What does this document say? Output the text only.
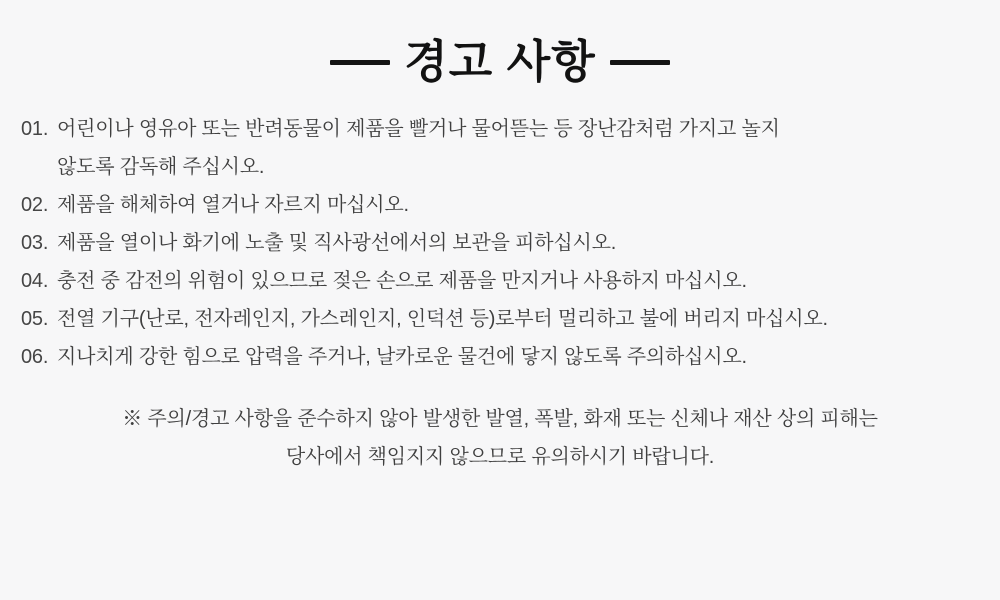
경고 사항
01. 어린이나 영유아 또는 반려동물이 제품을 빨거나 물어뜯는 등 장난감처럼 가지고 놀지
않도록 감독해 주십시오.
02. 제품을 해체하여 열거나 자르지 마십시오.
03. 제품을 열이나 화기에 노출 및 직사광선에서의 보관을 피하십시오.
04. 충전 중 감전의 위험이 있으므로 젖은 손으로 제품을 만지거나 사용하지 마십시오.
05. 전열 기구(난로, 전자레인지, 가스레인지, 인덕션 등)로부터 멀리하고 불에 버리지 마십시오.
06. 지나치게 강한 힘으로 압력을 주거나, 날카로운 물건에 닿지 않도록 주의하십시오.
※ 주의/경고 사항을 준수하지 않아 발생한 발열, 폭발, 화재 또는 신체나 재산 상의 피해는
당사에서 책임지지 않으므로 유의하시기 바랍니다.
